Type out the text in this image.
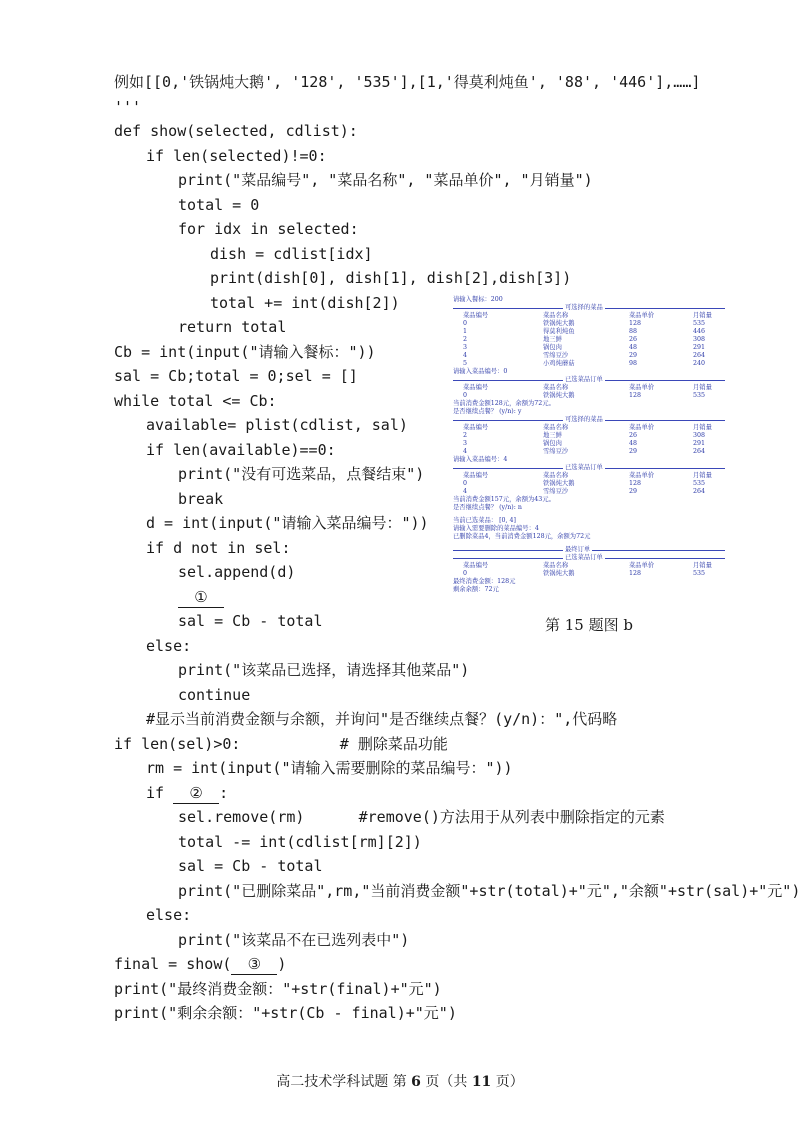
例如[[0,'铁锅炖大鹅', '128', '535'],[1,'得莫利炖鱼', '88', '446'],……]
'''
def show(selected, cdlist):
if len(selected)!=0:
print("菜品编号", "菜品名称", "菜品单价", "月销量")
total = 0
for idx in selected:
dish = cdlist[idx]
print(dish[0], dish[1], dish[2],dish[3])
total += int(dish[2])
return total
Cb = int(input("请输入餐标："))
sal = Cb;total = 0;sel = []
while total <= Cb:
available= plist(cdlist, sal)
if len(available)==0:
print("没有可选菜品，点餐结束")
break
d = int(input("请输入菜品编号："))
if d not in sel:
sel.append(d)
①
sal = Cb - total
else:
print("该菜品已选择，请选择其他菜品")
continue
#显示当前消费金额与余额，并询问"是否继续点餐？(y/n)：",代码略
if len(sel)>0:           # 删除菜品功能
rm = int(input("请输入需要删除的菜品编号："))
if ② :
sel.remove(rm)      #remove()方法用于从列表中删除指定的元素
total -= int(cdlist[rm][2])
sal = Cb - total
print("已删除菜品",rm,"当前消费金额"+str(total)+"元","余额"+str(sal)+"元")
else:
print("该菜品不在已选列表中")
final = show( ③ )
print("最终消费金额："+str(final)+"元")
print("剩余余额："+str(Cb - final)+"元")
请输入餐标：200
可选择的菜品
菜品编号	菜品名称	菜品单价	月销量
0	铁锅炖大鹅	128	535
1	得莫利炖鱼	88	446
2	地三鲜	26	308
3	锅包肉	48	291
4	雪绵豆沙	29	264
5	小鸡炖蘑菇	98	240
请输入菜品编号：0
已选菜品订单
菜品编号	菜品名称	菜品单价	月销量
0	铁锅炖大鹅	128	535
当前消费金额128元，余额为72元。
是否继续点餐？ (y/n): y
可选择的菜品
菜品编号	菜品名称	菜品单价	月销量
2	地三鲜	26	308
3	锅包肉	48	291
4	雪绵豆沙	29	264
请输入菜品编号：4
已选菜品订单
菜品编号	菜品名称	菜品单价	月销量
0	铁锅炖大鹅	128	535
4	雪绵豆沙	29	264
当前消费金额157元，余额为43元。
是否继续点餐？ (y/n): n
当前已选菜品： [0, 4]
请输入需要删除的菜品编号：4
已删除菜品4，当前消费金额128元，余额为72元
最终订单
已选菜品订单
菜品编号	菜品名称	菜品单价	月销量
0	铁锅炖大鹅	128	535
最终消费金额：128元
剩余余额：72元
第 15 题图 b
高二技术学科试题 第 6 页（共 11 页）
